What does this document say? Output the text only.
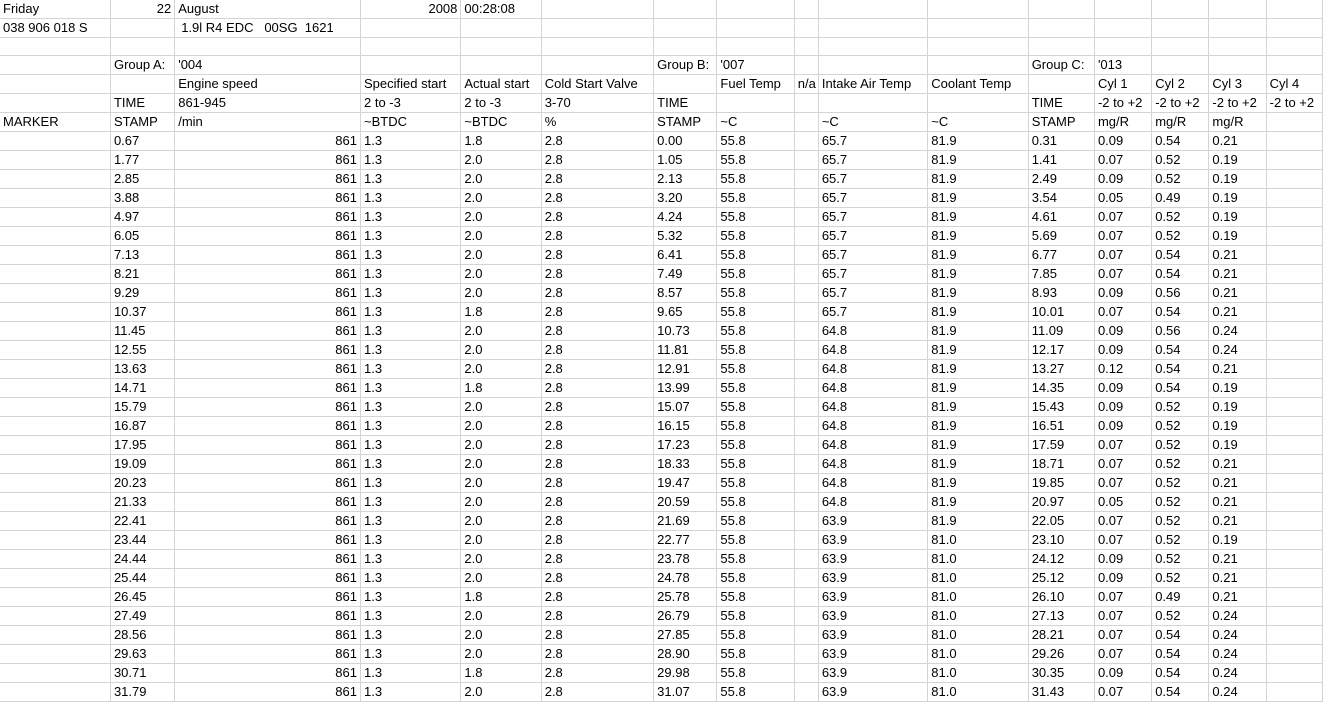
Friday	22	August	2008	00:28:08											
038 906 018 S		1.9l R4 EDC 00SG 1621													

	Group A:	'004				Group B:	'007				Group C:	'013			
		Engine speed	Specified start	Actual start	Cold Start Valve		Fuel Temp	n/a	Intake Air Temp	Coolant Temp		Cyl 1	Cyl 2	Cyl 3	Cyl 4
	TIME	861-945	2 to -3	2 to -3	3-70	TIME					TIME	-2 to +2	-2 to +2	-2 to +2	-2 to +2
MARKER	STAMP	/min	~BTDC	~BTDC	%	STAMP	~C		~C	~C	STAMP	mg/R	mg/R	mg/R	
	0.67	861	1.3	1.8	2.8	0.00	55.8		65.7	81.9	0.31	0.09	0.54	0.21	
	1.77	861	1.3	2.0	2.8	1.05	55.8		65.7	81.9	1.41	0.07	0.52	0.19	
	2.85	861	1.3	2.0	2.8	2.13	55.8		65.7	81.9	2.49	0.09	0.52	0.19	
	3.88	861	1.3	2.0	2.8	3.20	55.8		65.7	81.9	3.54	0.05	0.49	0.19	
	4.97	861	1.3	2.0	2.8	4.24	55.8		65.7	81.9	4.61	0.07	0.52	0.19	
	6.05	861	1.3	2.0	2.8	5.32	55.8		65.7	81.9	5.69	0.07	0.52	0.19	
	7.13	861	1.3	2.0	2.8	6.41	55.8		65.7	81.9	6.77	0.07	0.54	0.21	
	8.21	861	1.3	2.0	2.8	7.49	55.8		65.7	81.9	7.85	0.07	0.54	0.21	
	9.29	861	1.3	2.0	2.8	8.57	55.8		65.7	81.9	8.93	0.09	0.56	0.21	
	10.37	861	1.3	1.8	2.8	9.65	55.8		65.7	81.9	10.01	0.07	0.54	0.21	
	11.45	861	1.3	2.0	2.8	10.73	55.8		64.8	81.9	11.09	0.09	0.56	0.24	
	12.55	861	1.3	2.0	2.8	11.81	55.8		64.8	81.9	12.17	0.09	0.54	0.24	
	13.63	861	1.3	2.0	2.8	12.91	55.8		64.8	81.9	13.27	0.12	0.54	0.21	
	14.71	861	1.3	1.8	2.8	13.99	55.8		64.8	81.9	14.35	0.09	0.54	0.19	
	15.79	861	1.3	2.0	2.8	15.07	55.8		64.8	81.9	15.43	0.09	0.52	0.19	
	16.87	861	1.3	2.0	2.8	16.15	55.8		64.8	81.9	16.51	0.09	0.52	0.19	
	17.95	861	1.3	2.0	2.8	17.23	55.8		64.8	81.9	17.59	0.07	0.52	0.19	
	19.09	861	1.3	2.0	2.8	18.33	55.8		64.8	81.9	18.71	0.07	0.52	0.21	
	20.23	861	1.3	2.0	2.8	19.47	55.8		64.8	81.9	19.85	0.07	0.52	0.21	
	21.33	861	1.3	2.0	2.8	20.59	55.8		64.8	81.9	20.97	0.05	0.52	0.21	
	22.41	861	1.3	2.0	2.8	21.69	55.8		63.9	81.9	22.05	0.07	0.52	0.21	
	23.44	861	1.3	2.0	2.8	22.77	55.8		63.9	81.0	23.10	0.07	0.52	0.19	
	24.44	861	1.3	2.0	2.8	23.78	55.8		63.9	81.0	24.12	0.09	0.52	0.21	
	25.44	861	1.3	2.0	2.8	24.78	55.8		63.9	81.0	25.12	0.09	0.52	0.21	
	26.45	861	1.3	1.8	2.8	25.78	55.8		63.9	81.0	26.10	0.07	0.49	0.21	
	27.49	861	1.3	2.0	2.8	26.79	55.8		63.9	81.0	27.13	0.07	0.52	0.24	
	28.56	861	1.3	2.0	2.8	27.85	55.8		63.9	81.0	28.21	0.07	0.54	0.24	
	29.63	861	1.3	2.0	2.8	28.90	55.8		63.9	81.0	29.26	0.07	0.54	0.24	
	30.71	861	1.3	1.8	2.8	29.98	55.8		63.9	81.0	30.35	0.09	0.54	0.24	
	31.79	861	1.3	2.0	2.8	31.07	55.8		63.9	81.0	31.43	0.07	0.54	0.24	
